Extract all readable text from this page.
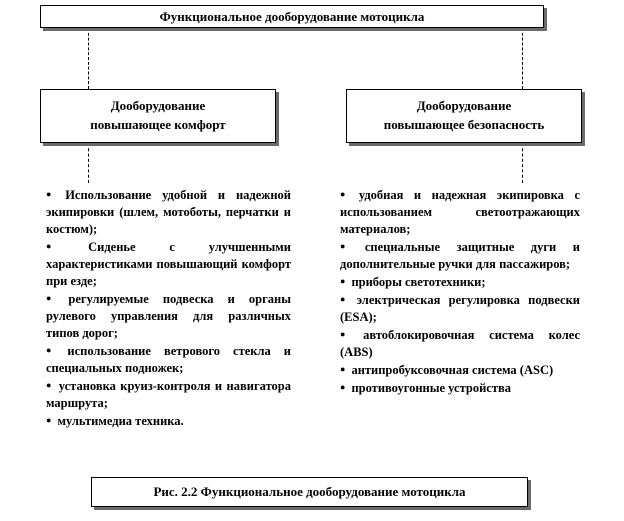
Функциональное дооборудование мотоцикла
Дооборудование
повышающее комфорт
Дооборудование
повышающее безопасность
● Использование удобной и надежной экипировки (шлем, мотоботы, перчатки и костюм);
● Сиденье с улучшенными характеристиками повышающий комфорт при езде;
● регулируемые подвеска и органы рулевого управления для различных типов дорог;
● использование ветрового стекла и специальных подножек;
● установка круиз-контроля и навигатора маршрута;
● мультимедиа техника.
● удобная и надежная экипировка с использованием светоотражающих материалов;
● специальные защитные дуги и дополнительные ручки для пассажиров;
● приборы светотехники;
● электрическая регулировка подвески (ESA);
● автоблокировочная система колес (ABS)
● антипробуксовочная система (ASC)
● противоугонные устройства
Рис. 2.2 Функциональное дооборудование мотоцикла
